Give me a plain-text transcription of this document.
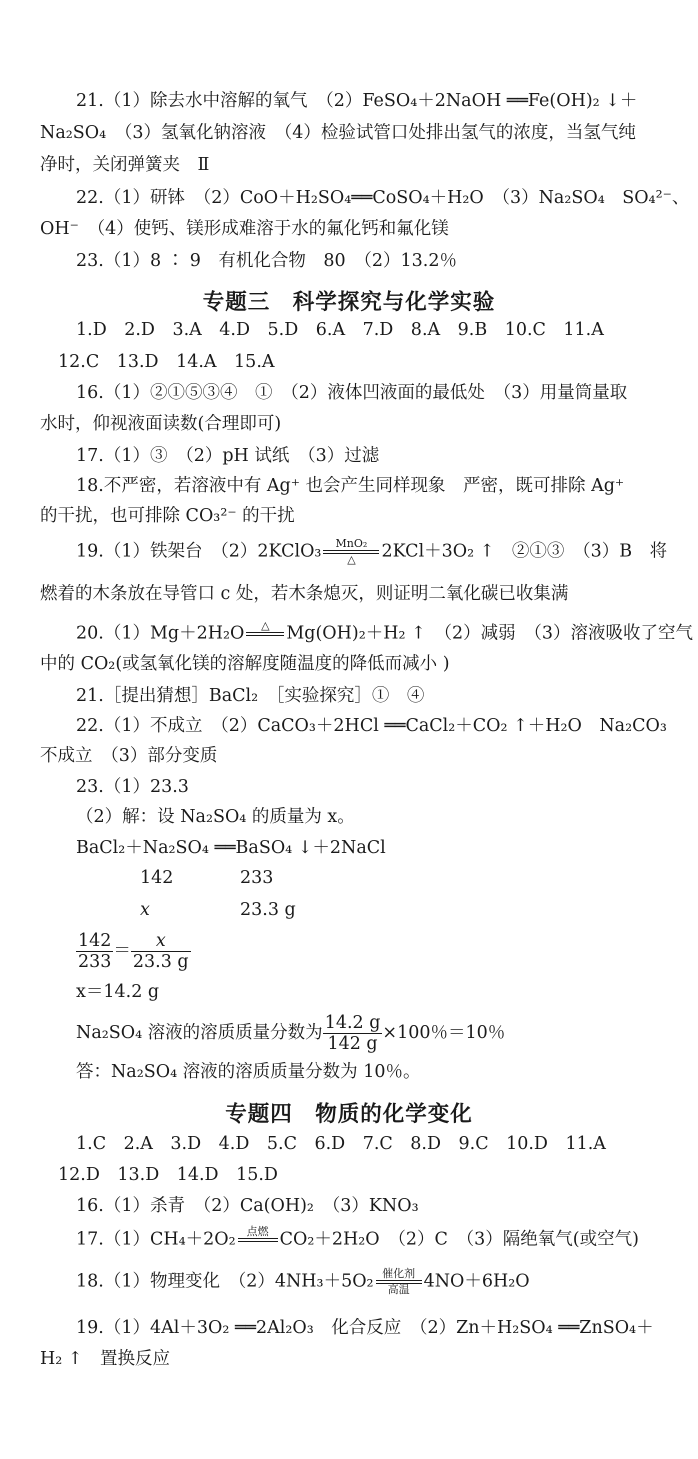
21.（1）除去水中溶解的氧气　（2）FeSO₄＋2NaOH ══Fe(OH)₂ ↓＋
Na₂SO₄　（3）氢氧化钠溶液　（4）检验试管口处排出氢气的浓度，当氢气纯
净时，关闭弹簧夹　Ⅱ
22.（1）研钵　（2）CoO＋H₂SO₄══CoSO₄＋H₂O　（3）Na₂SO₄　SO₄²⁻、
OH⁻　（4）使钙、镁形成难溶于水的氟化钙和氟化镁
23.（1）8 ∶ 9　有机化合物　80　（2）13.2％
专题三　科学探究与化学实验
1.D　2.D　3.A　4.D　5.D　6.A　7.D　8.A　9.B　10.C　11.A
12.C　13.D　14.A　15.A
16.（1）②①⑤③④　①　（2）液体凹液面的最低处　（3）用量筒量取
水时，仰视液面读数(合理即可)
17.（1）③　（2）pH 试纸　（3）过滤
18.不严密，若溶液中有 Ag⁺ 也会产生同样现象　严密，既可排除 Ag⁺
的干扰，也可排除 CO₃²⁻ 的干扰
19.（1）铁架台　（2）2KClO₃	MnO₂
△	2KCl＋3O₂ ↑　②①③　（3）B　将
燃着的木条放在导管口 c 处，若木条熄灭，则证明二氧化碳已收集满
20.（1）Mg＋2H₂O	△ Mg(OH)₂＋H₂ ↑　（2）减弱　（3）溶液吸收了空气
中的 CO₂(或氢氧化镁的溶解度随温度的降低而减小 )
21.［提出猜想］BaCl₂　［实验探究］①　④
22.（1）不成立　（2）CaCO₃＋2HCl ══CaCl₂＋CO₂ ↑＋H₂O　Na₂CO₃
不成立　（3）部分变质
23.（1）23.3
（2）解：设 Na₂SO₄ 的质量为 x。
BaCl₂＋Na₂SO₄ ══BaSO₄ ↓＋2NaCl
142	233
x	23.3 g
$\frac{142}{233} = \frac{x}{23.3 g}$
x＝14.2 g
Na₂SO₄ 溶液的溶质质量分数为 $\frac{14.2 g}{142 g} \times 100$％＝10％
答：Na₂SO₄ 溶液的溶质质量分数为 10％。
专题四　物质的化学变化
1.C　2.A　3.D　4.D　5.C　6.D　7.C　8.D　9.C　10.D　11.A
12.D　13.D　14.D　15.D
16.（1）杀青　（2）Ca(OH)₂　（3）KNO₃
17.（1）CH₄＋2O₂	点燃 CO₂＋2H₂O　（2）C　（3）隔绝氧气(或空气)
18.（1）物理变化　（2）4NH₃＋5O₂ 催化剂
高温 4NO＋6H₂O
19.（1）4Al＋3O₂ ══2Al₂O₃　化合反应　（2）Zn＋H₂SO₄ ══ZnSO₄＋
H₂ ↑　置换反应
